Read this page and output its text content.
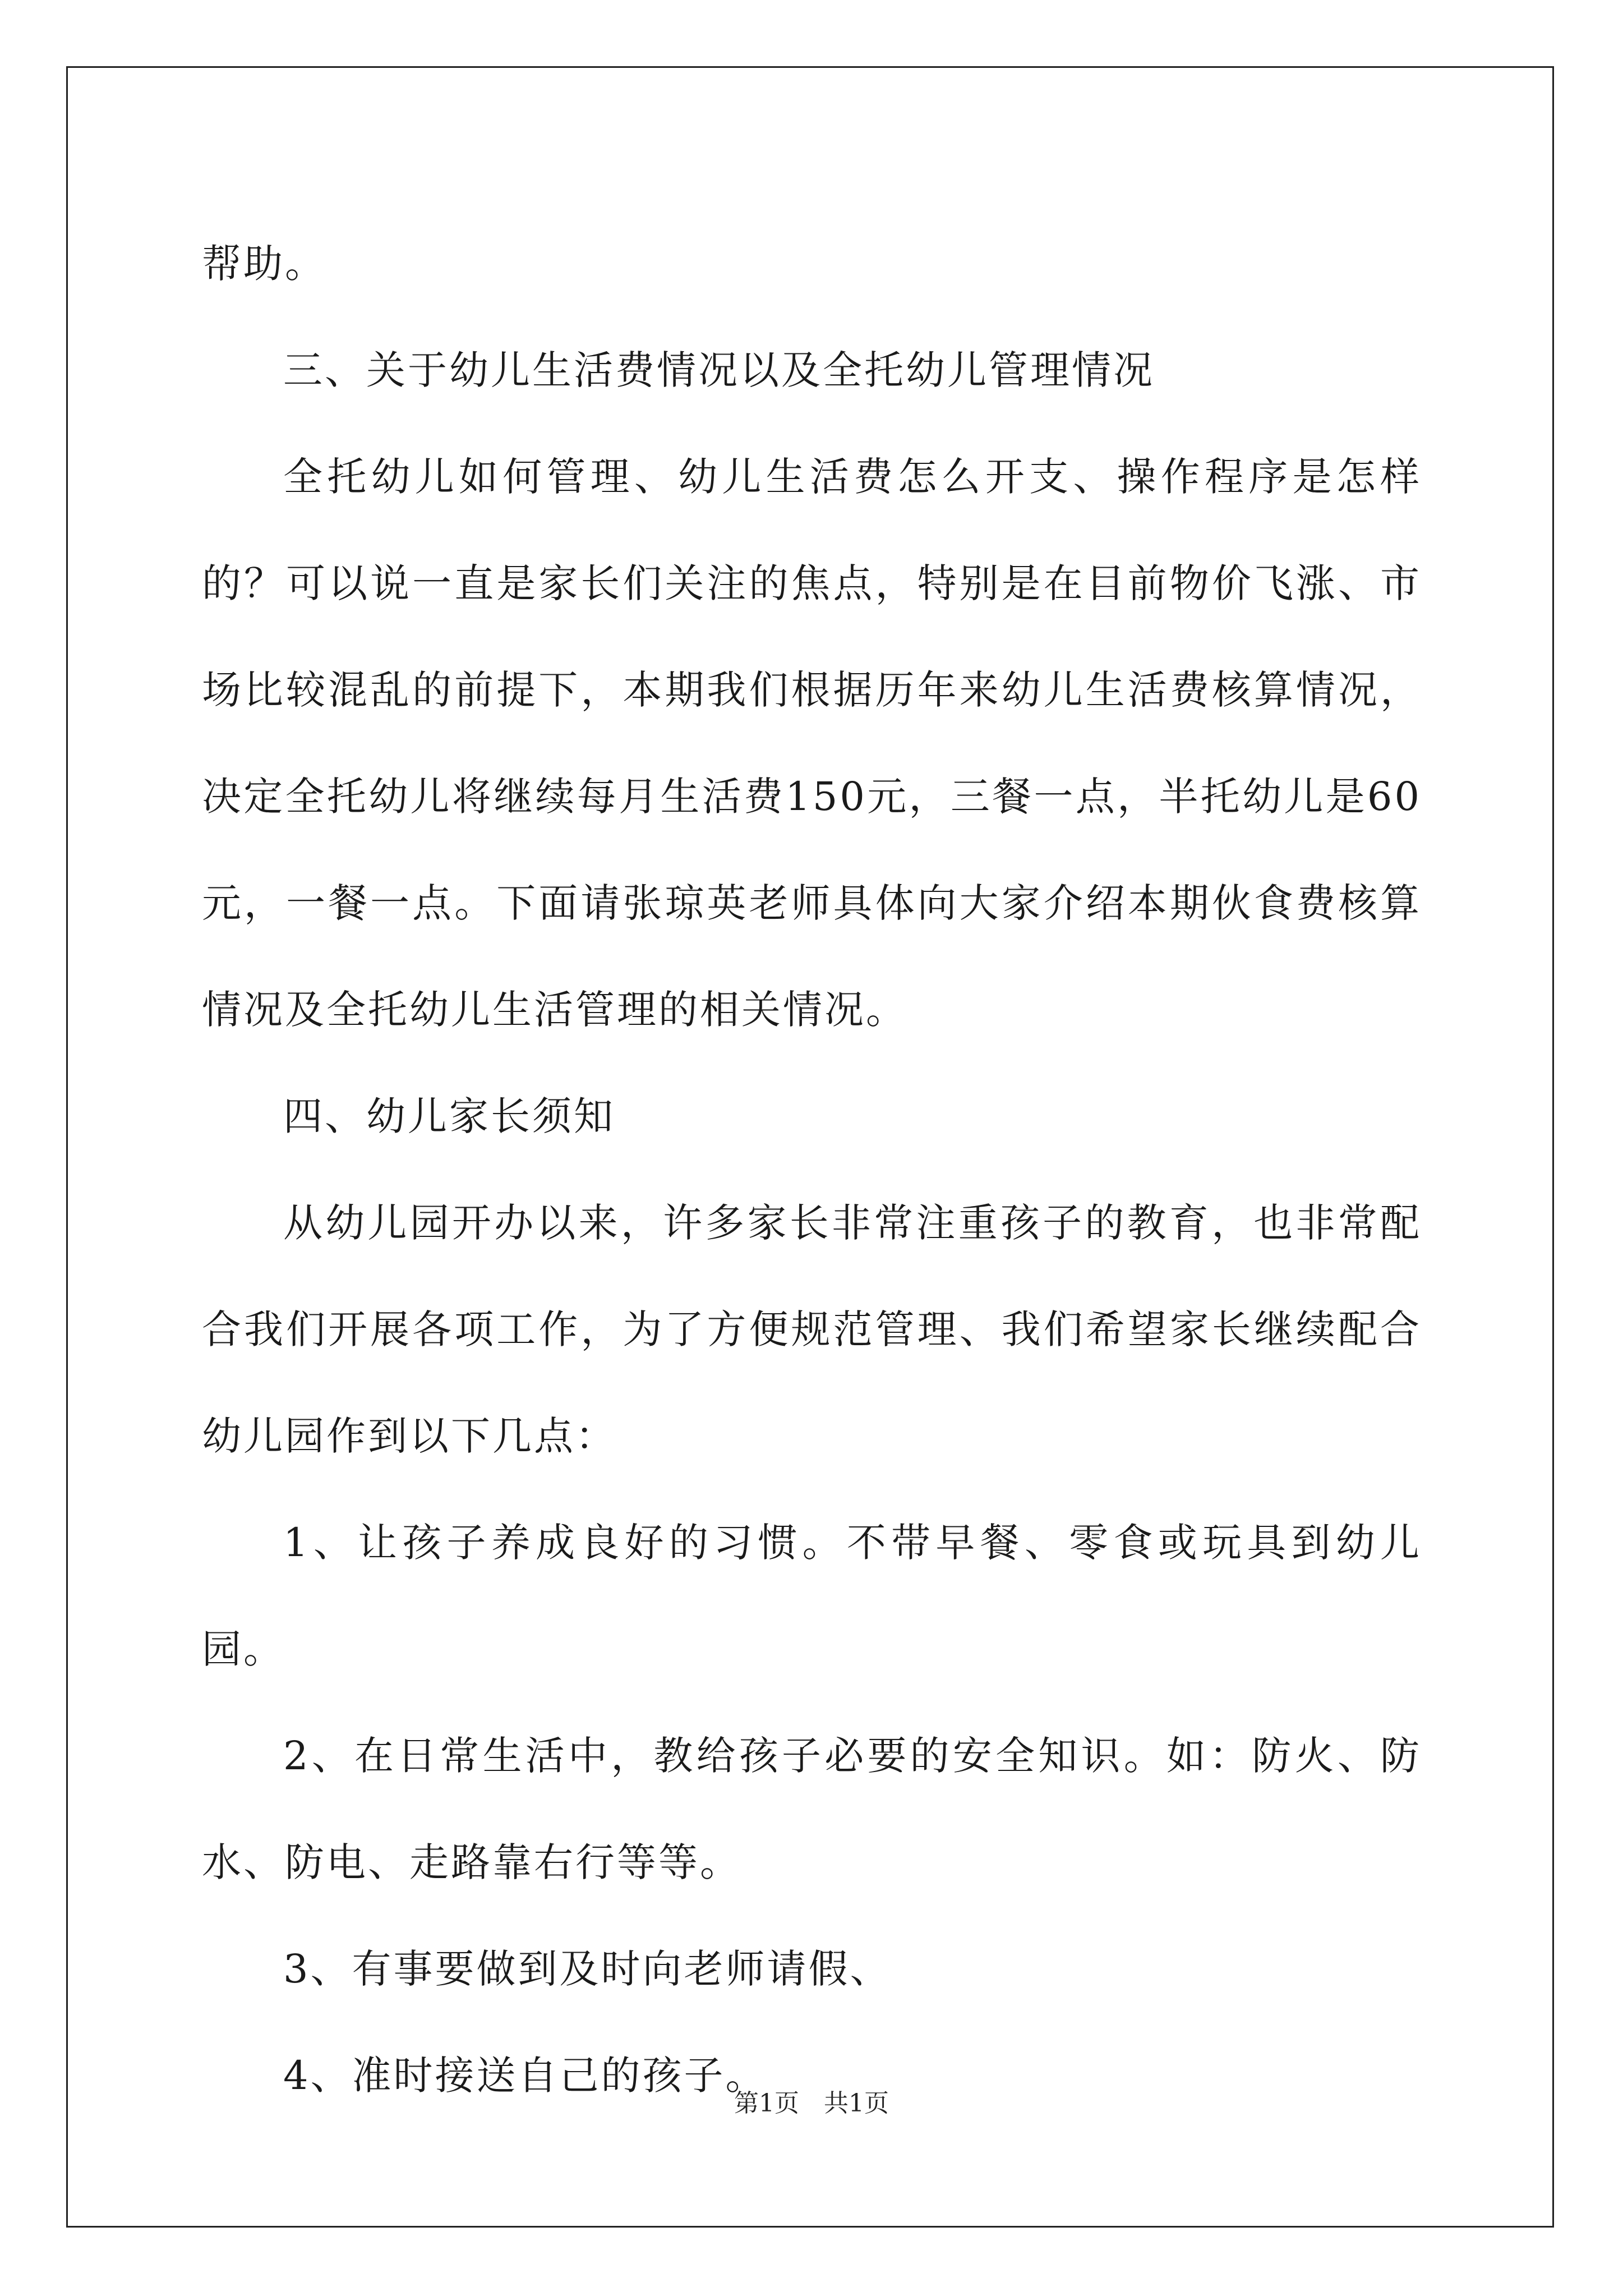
帮助。

三、关于幼儿生活费情况以及全托幼儿管理情况

全托幼儿如何管理、幼儿生活费怎么开支、操作程序是怎样的？可以说一直是家长们关注的焦点，特别是在目前物价飞涨、市场比较混乱的前提下，本期我们根据历年来幼儿生活费核算情况，决定全托幼儿将继续每月生活费150元，三餐一点，半托幼儿是60元，一餐一点。下面请张琼英老师具体向大家介绍本期伙食费核算情况及全托幼儿生活管理的相关情况。

四、幼儿家长须知

从幼儿园开办以来，许多家长非常注重孩子的教育，也非常配合我们开展各项工作，为了方便规范管理、我们希望家长继续配合幼儿园作到以下几点：

1、让孩子养成良好的习惯。不带早餐、零食或玩具到幼儿园。

2、在日常生活中，教给孩子必要的安全知识。如：防火、防水、防电、走路靠右行等等。

3、有事要做到及时向老师请假、

4、准时接送自己的孩子。

第1页　共1页
